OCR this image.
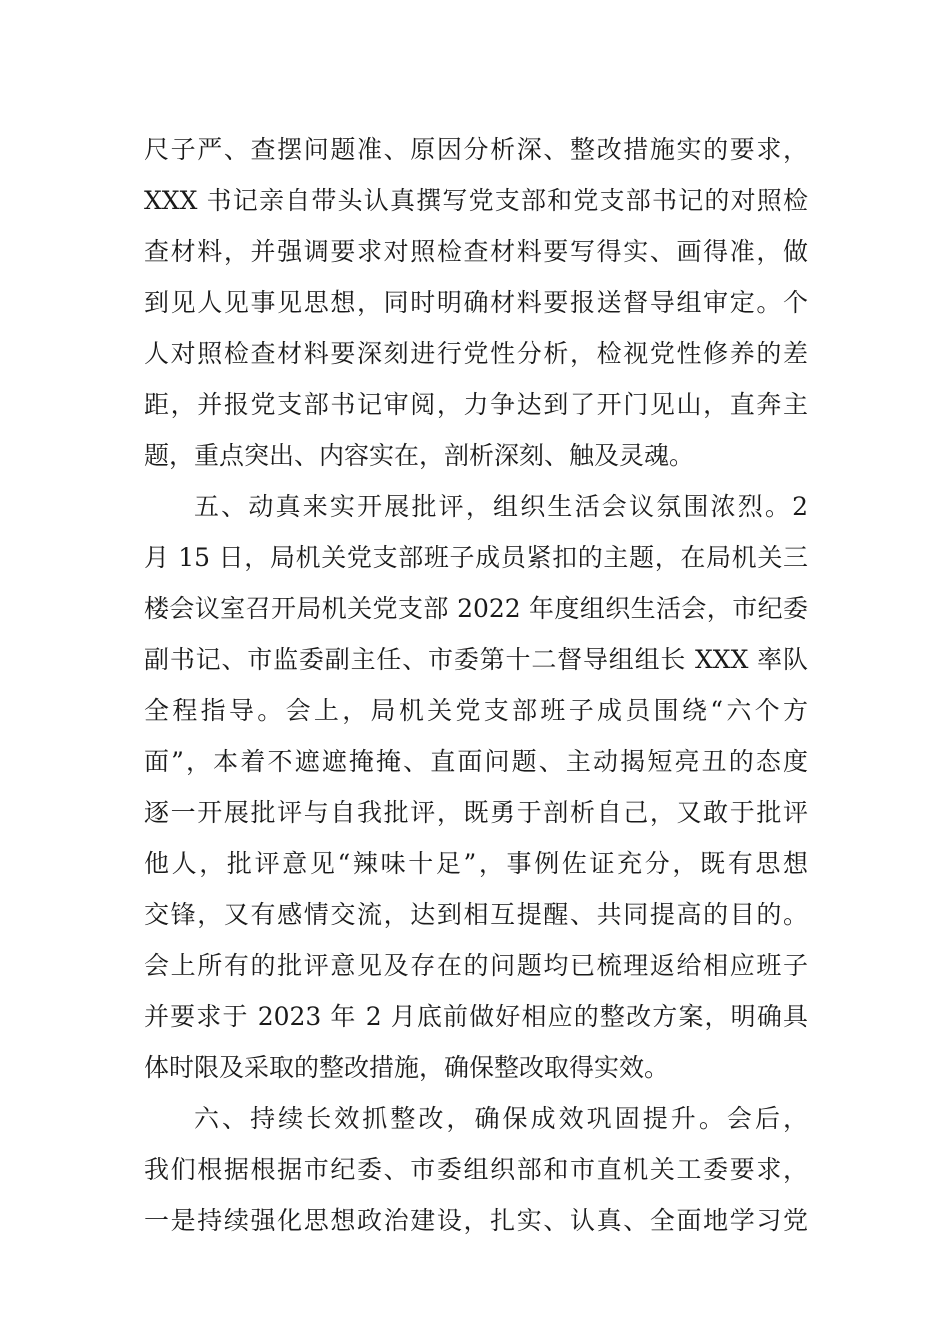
尺子严、查摆问题准、原因分析深、整改措施实的要求，
XXX 书记亲自带头认真撰写党支部和党支部书记的对照检
查材料，并强调要求对照检查材料要写得实、画得准，做
到见人见事见思想，同时明确材料要报送督导组审定。个
人对照检查材料要深刻进行党性分析，检视党性修养的差
距，并报党支部书记审阅，力争达到了开门见山，直奔主
题，重点突出、内容实在，剖析深刻、触及灵魂。
五、动真来实开展批评，组织生活会议氛围浓烈。2
月 15 日，局机关党支部班子成员紧扣的主题，在局机关三
楼会议室召开局机关党支部 2022 年度组织生活会，市纪委
副书记、市监委副主任、市委第十二督导组组长 XXX 率队
全程指导。会上，局机关党支部班子成员围绕“六个方
面”，本着不遮遮掩掩、直面问题、主动揭短亮丑的态度
逐一开展批评与自我批评，既勇于剖析自己，又敢于批评
他人，批评意见“辣味十足”，事例佐证充分，既有思想
交锋，又有感情交流，达到相互提醒、共同提高的目的。
会上所有的批评意见及存在的问题均已梳理返给相应班子
并要求于 2023 年 2 月底前做好相应的整改方案，明确具
体时限及采取的整改措施，确保整改取得实效。
六、持续长效抓整改，确保成效巩固提升。会后，
我们根据根据市纪委、市委组织部和市直机关工委要求，
一是持续强化思想政治建设，扎实、认真、全面地学习党
